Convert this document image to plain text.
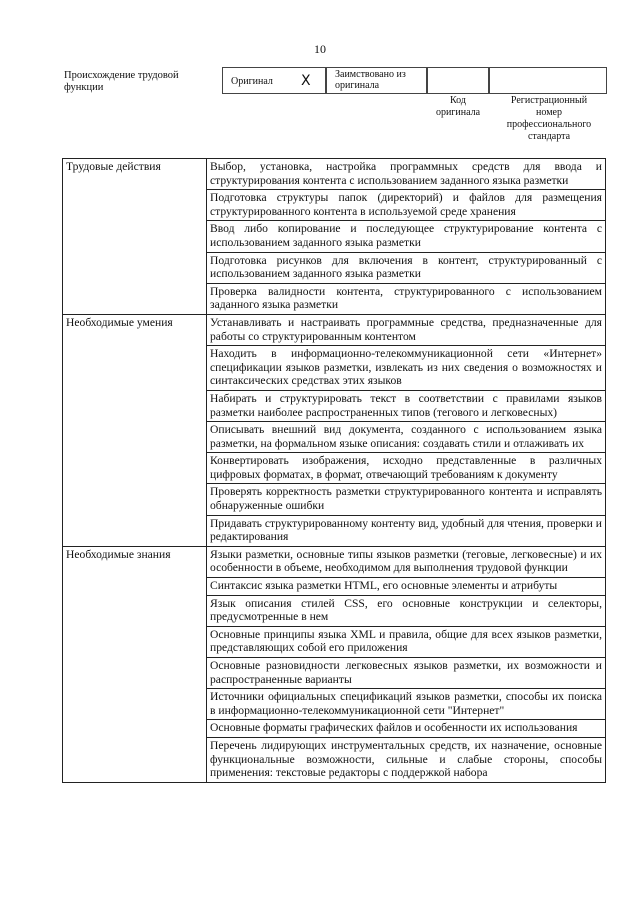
10
Происхождение трудовой функции
Оригинал X Заимствовано из оригинала
Код оригинала
Регистрационный номер профессионального стандарта
Трудовые действия	Выбор, установка, настройка программных средств для ввода и структурирования контента с использованием заданного языка разметки
	Подготовка структуры папок (директорий) и файлов для размещения структурированного контента в используемой среде хранения
	Ввод либо копирование и последующее структурирование контента с использованием заданного языка разметки
	Подготовка рисунков для включения в контент, структурированный с использованием заданного языка разметки
	Проверка валидности контента, структурированного с использованием заданного языка разметки
Необходимые умения	Устанавливать и настраивать программные средства, предназначенные для работы со структурированным контентом
	Находить в информационно-телекоммуникационной сети «Интернет» спецификации языков разметки, извлекать из них сведения о возможностях и синтаксических средствах этих языков
	Набирать и структурировать текст в соответствии с правилами языков разметки наиболее распространенных типов (тегового и легковесных)
	Описывать внешний вид документа, созданного с использованием языка разметки, на формальном языке описания: создавать стили и отлаживать их
	Конвертировать изображения, исходно представленные в различных цифровых форматах, в формат, отвечающий требованиям к документу
	Проверять корректность разметки структурированного контента и исправлять обнаруженные ошибки
	Придавать структурированному контенту вид, удобный для чтения, проверки и редактирования
Необходимые знания	Языки разметки, основные типы языков разметки (теговые, легковесные) и их особенности в объеме, необходимом для выполнения трудовой функции
	Синтаксис языка разметки HTML, его основные элементы и атрибуты
	Язык описания стилей CSS, его основные конструкции и селекторы, предусмотренные в нем
	Основные принципы языка XML и правила, общие для всех языков разметки, представляющих собой его приложения
	Основные разновидности легковесных языков разметки, их возможности и распространенные варианты
	Источники официальных спецификаций языков разметки, способы их поиска в информационно-телекоммуникационной сети "Интернет"
	Основные форматы графических файлов и особенности их использования
	Перечень лидирующих инструментальных средств, их назначение, основные функциональные возможности, сильные и слабые стороны, способы применения: текстовые редакторы с поддержкой набора
